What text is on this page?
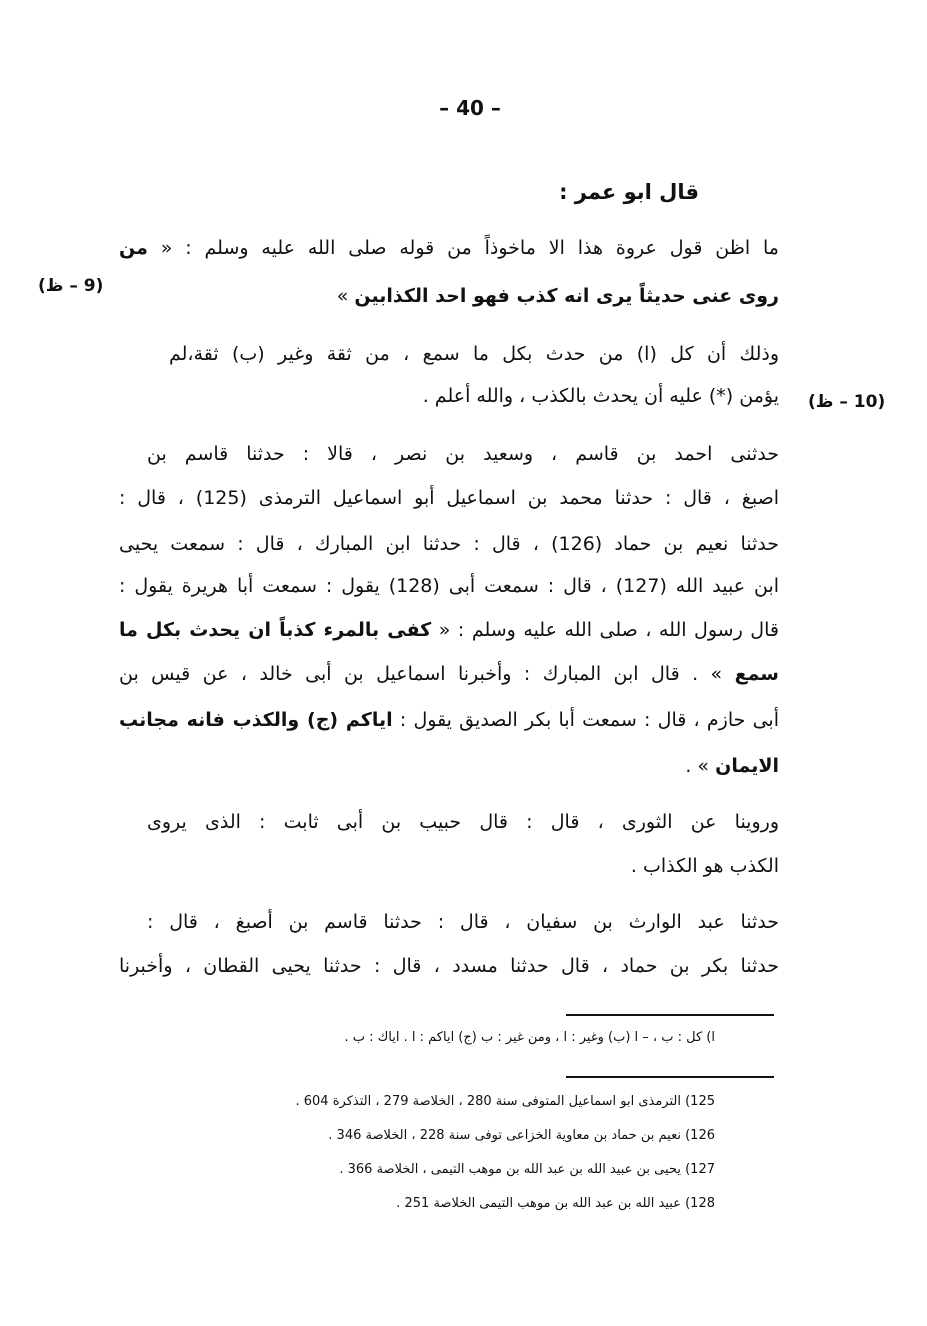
– 40 –
قال ابو عمر :
ما اظن قول عروة هذا الا ماخوذاً من قوله صلى الله عليه وسلم : « من
روى عنى حديثاً يرى انه كذب فهو احد الكذابين »
(9 – ظ)
وذلك أن كل (ا) من حدث بكل ما سمع ، من ثقة وغير (ب) ثقة،لم
يؤمن (*) عليه أن يحدث بالكذب ، والله أعلم . (10 – ظ)
حدثنى احمد بن قاسم ، وسعيد بن نصر ، قالا : حدثنا قاسم بن
اصبغ ، قال : حدثنا محمد بن اسماعيل أبو اسماعيل الترمذى (125) ، قال :
حدثنا نعيم بن حماد (126) ، قال : حدثنا ابن المبارك ، قال : سمعت يحيى
ابن عبيد الله (127) ، قال : سمعت أبى (128) يقول : سمعت أبا هريرة يقول :
قال رسول الله ، صلى الله عليه وسلم : « كفى بالمرء كذباً ان يحدث بكل ما
سمع » . قال ابن المبارك : وأخبرنا اسماعيل بن أبى خالد ، عن قيس بن
أبى حازم ، قال : سمعت أبا بكر الصديق يقول : اياكم (ج) والكذب فانه مجانب
الايمان » .
وروينا عن الثورى ، قال : قال حبيب بن أبى ثابت : الذى يروى
الكذب هو الكذاب .
حدثنا عبد الوارث بن سفيان ، قال : حدثنا قاسم بن أصبغ ، قال :
حدثنا بكر بن حماد ، قال حدثنا مسدد ، قال : حدثنا يحيى القطان ، وأخبرنا
ا) كل : ب ، – ا (ب) وغير : ا ، ومن غير : ب (ج) اياكم : ا . اياك : ب .
125) الترمذى ابو اسماعيل المتوفى سنة 280 ، الخلاصة 279 ، التذكرة 604 .
126) نعيم بن حماد بن معاوية الخزاعى توفى سنة 228 ، الخلاصة 346 .
127) يحيى بن عبيد الله بن عبد الله بن موهب التيمى ، الخلاصة 366 .
128) عبيد الله بن عبد الله بن موهب التيمى الخلاصة 251 .
